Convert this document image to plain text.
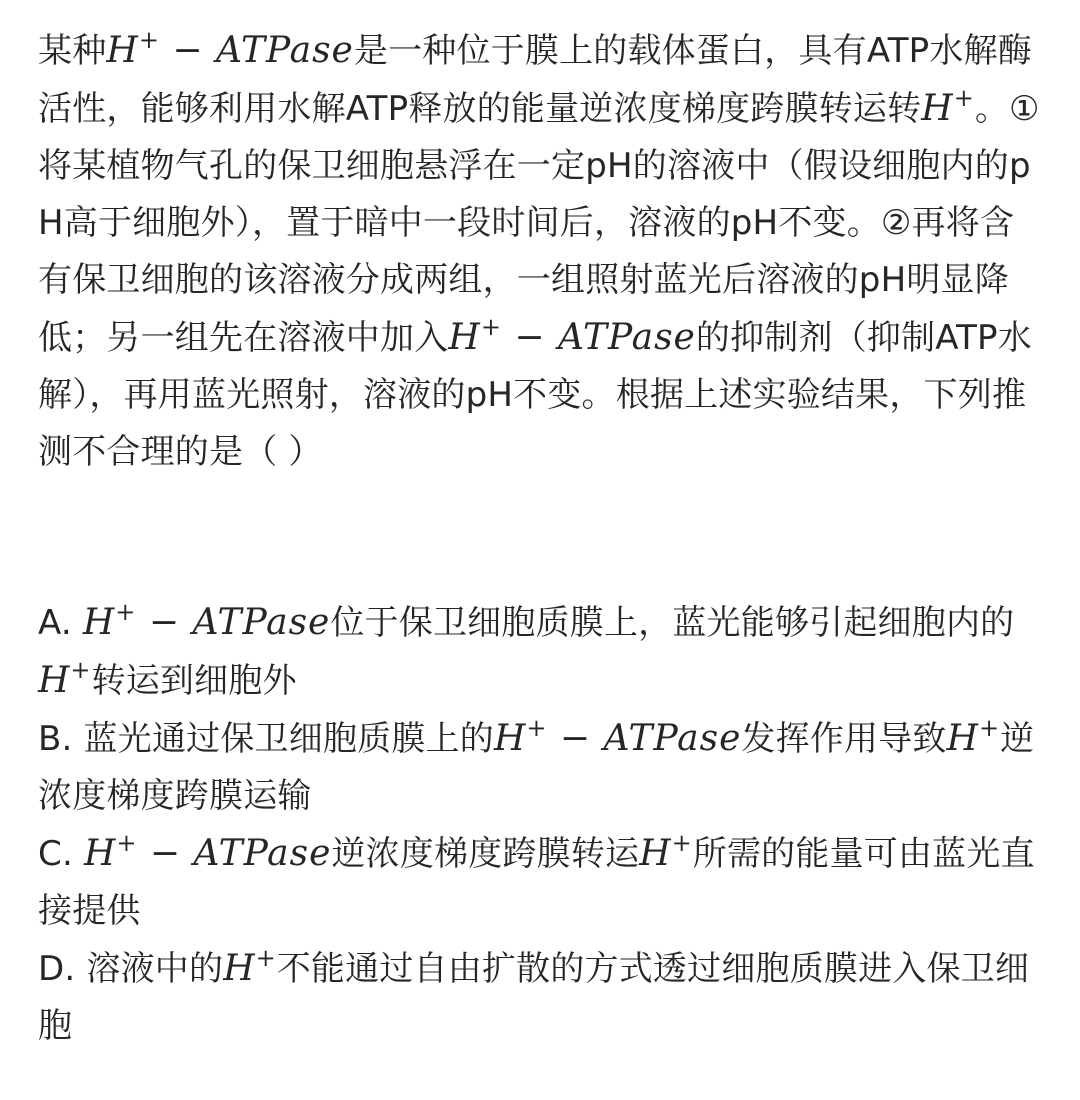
某种H+ − ATPase是一种位于膜上的载体蛋白，具有ATP水解酶活性，能够利用水解ATP释放的能量逆浓度梯度跨膜转运转H+。①将某植物气孔的保卫细胞悬浮在一定pH的溶液中（假设细胞内的pH高于细胞外），置于暗中一段时间后，溶液的pH不变。②再将含有保卫细胞的该溶液分成两组，一组照射蓝光后溶液的pH明显降低；另一组先在溶液中加入H+ − ATPase的抑制剂（抑制ATP水解），再用蓝光照射，溶液的pH不变。根据上述实验结果，下列推测不合理的是（ ）

A. H+ − ATPase位于保卫细胞质膜上，蓝光能够引起细胞内的H+转运到细胞外

B. 蓝光通过保卫细胞质膜上的H+ − ATPase发挥作用导致H+逆浓度梯度跨膜运输

C. H+ − ATPase逆浓度梯度跨膜转运H+所需的能量可由蓝光直接提供

D. 溶液中的H+不能通过自由扩散的方式透过细胞质膜进入保卫细胞
